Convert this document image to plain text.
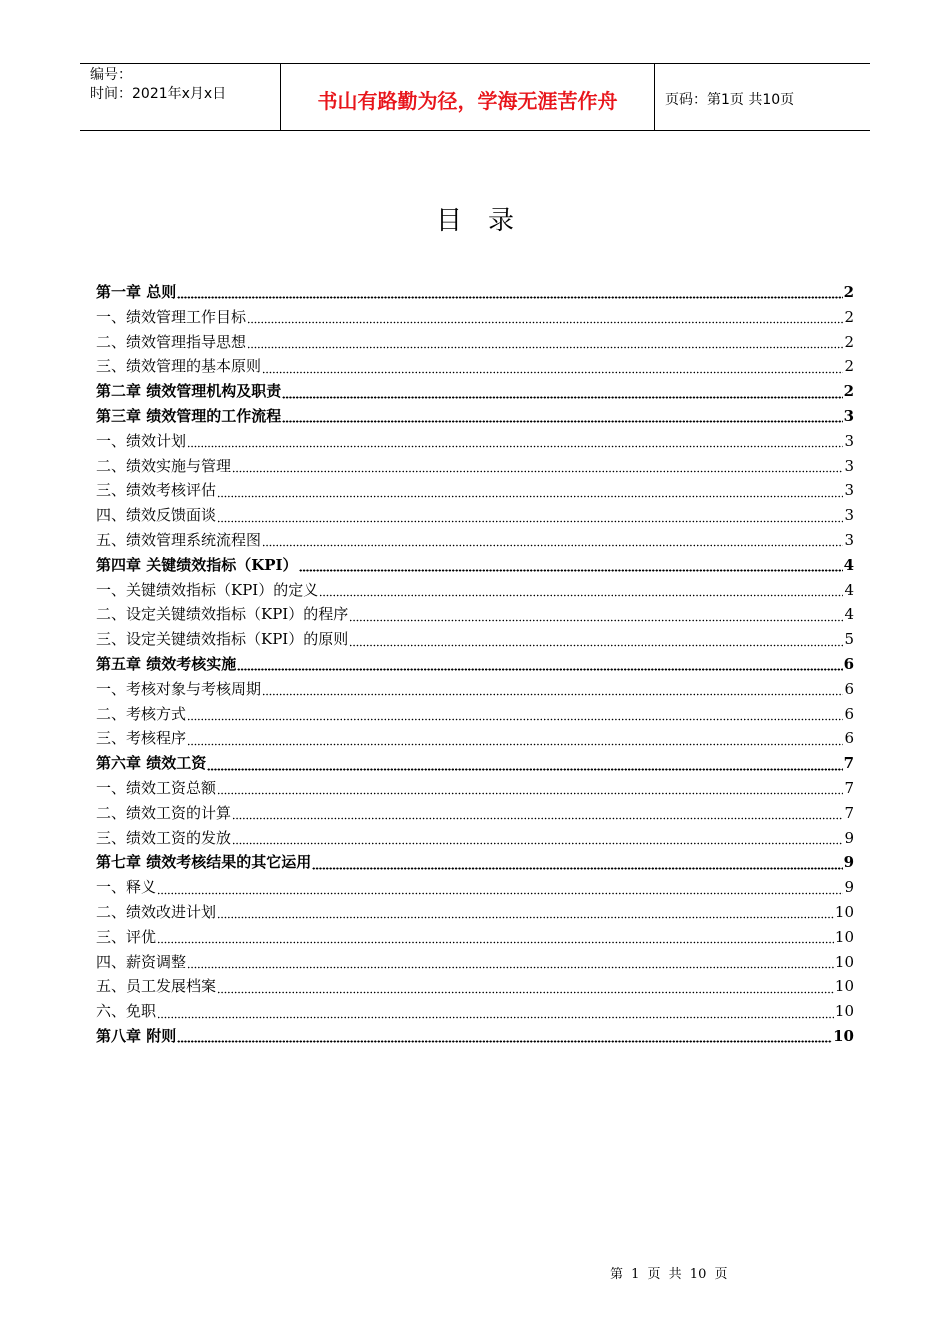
编号：
时间：2021年x月x日	书山有路勤为径，学海无涯苦作舟	页码：第1页 共10页
目录
第一章 总则	2
一、绩效管理工作目标	2
二、绩效管理指导思想	2
三、绩效管理的基本原则	2
第二章 绩效管理机构及职责	2
第三章 绩效管理的工作流程	3
一、绩效计划	3
二、绩效实施与管理	3
三、绩效考核评估	3
四、绩效反馈面谈	3
五、绩效管理系统流程图	3
第四章 关键绩效指标（KPI）	4
一、关键绩效指标（KPI）的定义	4
二、设定关键绩效指标（KPI）的程序	4
三、设定关键绩效指标（KPI）的原则	5
第五章 绩效考核实施	6
一、考核对象与考核周期	6
二、考核方式	6
三、考核程序	6
第六章 绩效工资	7
一、绩效工资总额	7
二、绩效工资的计算	7
三、绩效工资的发放	9
第七章 绩效考核结果的其它运用	9
一、释义	9
二、绩效改进计划	10
三、评优	10
四、薪资调整	10
五、员工发展档案	10
六、免职	10
第八章 附则	10
第 1 页 共 10 页
